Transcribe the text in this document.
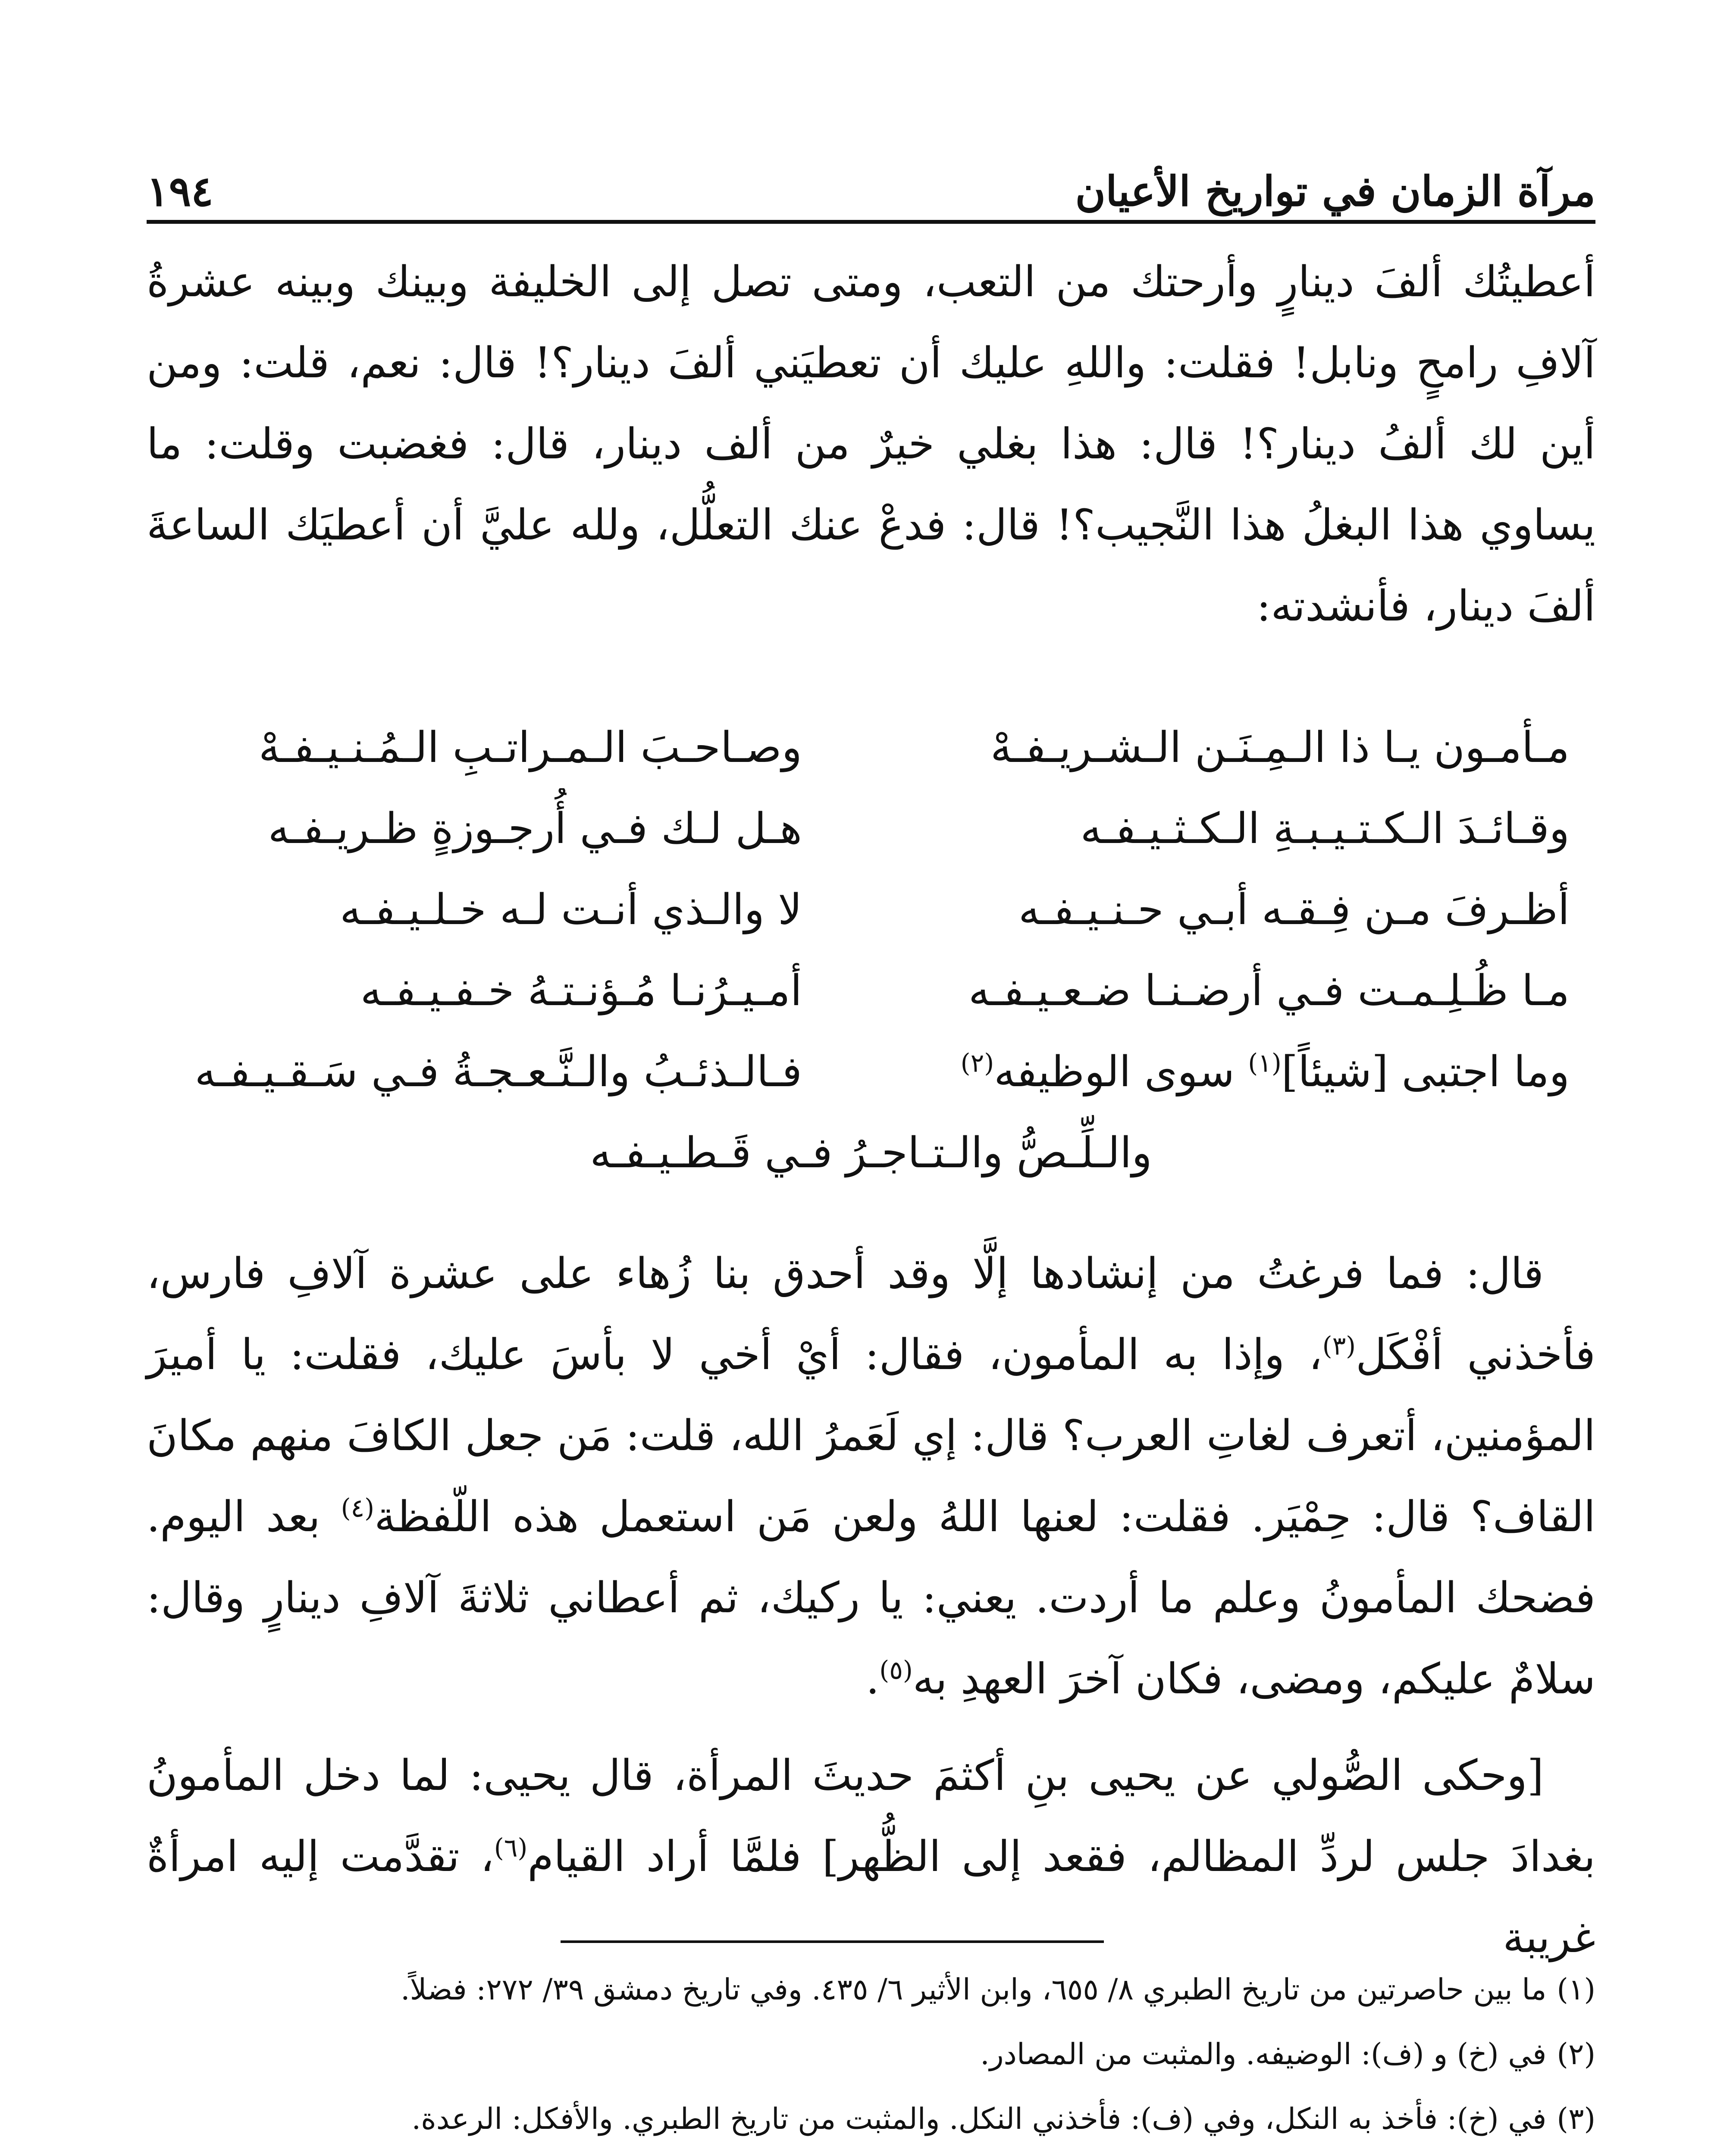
مرآة الزمان في تواريخ الأعيان
١٩٤

أعطيتُك ألفَ دينارٍ وأرحتك من التعب، ومتى تصل إلى الخليفة وبينك وبينه عشرةُ آلافِ رامحٍ ونابل! فقلت: واللهِ عليك أن تعطيَني ألفَ دينار؟! قال: نعم، قلت: ومن أين لك ألفُ دينار؟! قال: هذا بغلي خيرٌ من ألف دينار، قال: فغضبت وقلت: ما يساوي هذا البغلُ هذا النَّجيب؟! قال: فدعْ عنك التعلُّل، ولله عليَّ أن أعطيَك الساعةَ ألفَ دينار، فأنشدته:

مـأمـون يـا ذا الـمِـنَـن الـشـريـفـهْ
وصـاحـبَ الـمـراتـبِ الـمُـنـيـفـهْ
وقـائـدَ الـكـتـيـبـةِ الـكـثـيـفـه
هـل لـك فـي أُرجـوزةٍ ظـريـفـه
أظـرفَ مـن فِـقـه أبـي حـنـيـفـه
لا والـذي أنـت لـه خـلـيـفـه
مـا ظُـلِـمـت فـي أرضـنـا ضـعـيـفـه
أمـيـرُنـا مُـؤنـتـهُ خـفـيـفـه
وما اجتبى [شيئاً]$^{(١)}$ سوى الوظيفه$^{(٢)}$
فـالـذئـبُ والـنَّـعـجـةُ فـي سَـقـيـفـه
والـلِّـصُّ والـتـاجـرُ فـي قَـطـيـفـه

قال: فما فرغتُ من إنشادها إلَّا وقد أحدق بنا زُهاء على عشرة آلافِ فارس، فأخذني أفْكَل$^{(٣)}$، وإذا به المأمون، فقال: أيْ أخي لا بأسَ عليك، فقلت: يا أميرَ المؤمنين، أتعرف لغاتِ العرب؟ قال: إي لَعَمرُ الله، قلت: مَن جعل الكافَ منهم مكانَ القاف؟ قال: حِمْيَر. فقلت: لعنها اللهُ ولعن مَن استعمل هذه اللّفظة$^{(٤)}$ بعد اليوم. فضحك المأمونُ وعلم ما أردت. يعني: يا ركيك، ثم أعطاني ثلاثةَ آلافِ دينارٍ وقال: سلامٌ عليكم، ومضى، فكان آخرَ العهدِ به$^{(٥)}$.

[وحكى الصُّولي عن يحيى بنِ أكثمَ حديثَ المرأة، قال يحيى: لما دخل المأمونُ بغدادَ جلس لردِّ المظالم، فقعد إلى الظُّهر] فلمَّا أراد القيام$^{(٦)}$، تقدَّمت إليه امرأةٌ غريبة

(١)ما بين حاصرتين من تاريخ الطبري ٨/ ٦٥٥، وابن الأثير ٦/ ٤٣٥. وفي تاريخ دمشق ٣٩/ ٢٧٢: فضلاً.

(٢)في (خ) و (ف): الوضيفه. والمثبت من المصادر.

(٣)في (خ): فأخذ به النكل، وفي (ف): فأخذني النكل. والمثبت من تاريخ الطبري. والأفكل: الرعدة.
